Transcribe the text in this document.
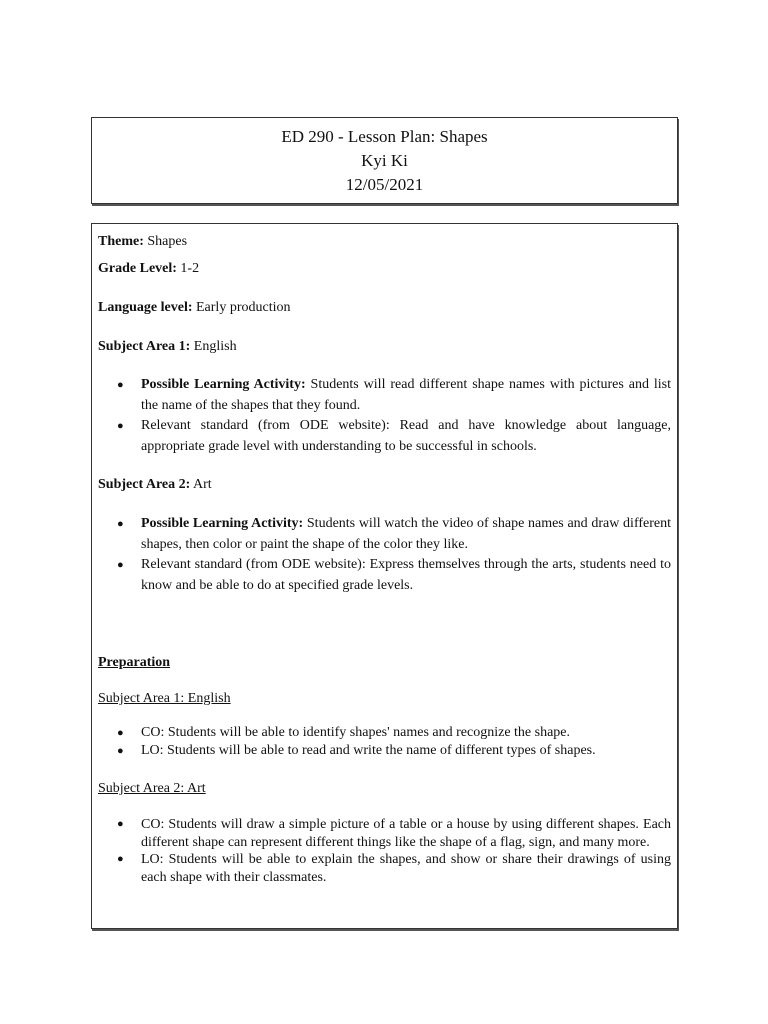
ED 290 - Lesson Plan: Shapes
Kyi Ki
12/05/2021
Theme: Shapes
Grade Level: 1-2
Language level: Early production
Subject Area 1: English
● Possible Learning Activity: Students will read different shape names with pictures and list the name of the shapes that they found.
● Relevant standard (from ODE website): Read and have knowledge about language, appropriate grade level with understanding to be successful in schools.
Subject Area 2: Art
● Possible Learning Activity: Students will watch the video of shape names and draw different shapes, then color or paint the shape of the color they like.
● Relevant standard (from ODE website): Express themselves through the arts, students need to know and be able to do at specified grade levels.
Preparation
Subject Area 1: English
● CO: Students will be able to identify shapes' names and recognize the shape.
● LO: Students will be able to read and write the name of different types of shapes.
Subject Area 2: Art
● CO: Students will draw a simple picture of a table or a house by using different shapes. Each different shape can represent different things like the shape of a flag, sign, and many more.
● LO: Students will be able to explain the shapes, and show or share their drawings of using each shape with their classmates.
